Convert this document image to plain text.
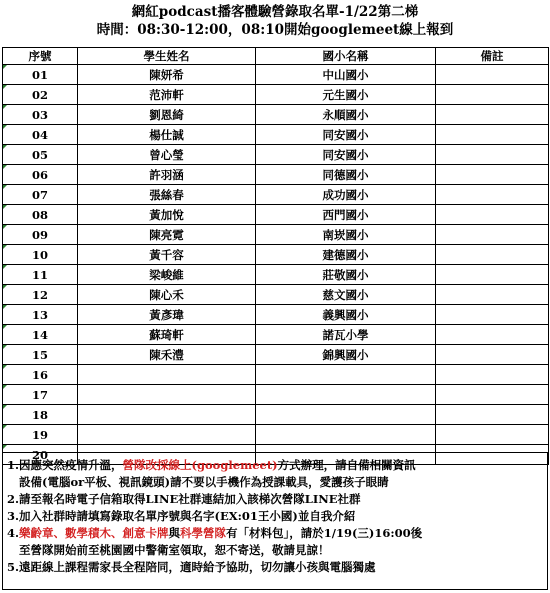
網紅podcast播客體驗營錄取名單-1/22第二梯
時間：08:30-12:00，08:10開始googlemeet線上報到
序號	學生姓名	國小名稱	備註
01	陳妍希	中山國小	
02	范沛軒	元生國小	
03	劉恩綺	永順國小	
04	楊仕誠	同安國小	
05	曾心瑩	同安國小	
06	許羽涵	同德國小	
07	張絲春	成功國小	
08	黃加悅	西門國小	
09	陳亮霓	南崁國小	
10	黃千容	建德國小	
11	梁峻維	莊敬國小	
12	陳心禾	慈文國小	
13	黃彥瑋	義興國小	
14	蘇琦軒	諾瓦小學	
15	陳禾澧	錦興國小	
16			
17			
18			
19			
20			
1.因應突然疫情升溫，營隊改採線上(googlemeet)方式辦理，請自備相關資訊
設備(電腦or平板、視訊鏡頭)請不要以手機作為授課載具，愛護孩子眼睛
2.請至報名時電子信箱取得LINE社群連結加入該梯次營隊LINE社群
3.加入社群時請填寫錄取名單序號與名字(EX:01王小國)並自我介紹
4.樂齡章、數學積木、創意卡牌與科學營隊有「材料包」，請於1/19(三)16:00後
至營隊開始前至桃園國中警衛室領取，恕不寄送，敬請見諒！
5.遠距線上課程需家長全程陪同，適時給予協助，切勿讓小孩與電腦獨處
